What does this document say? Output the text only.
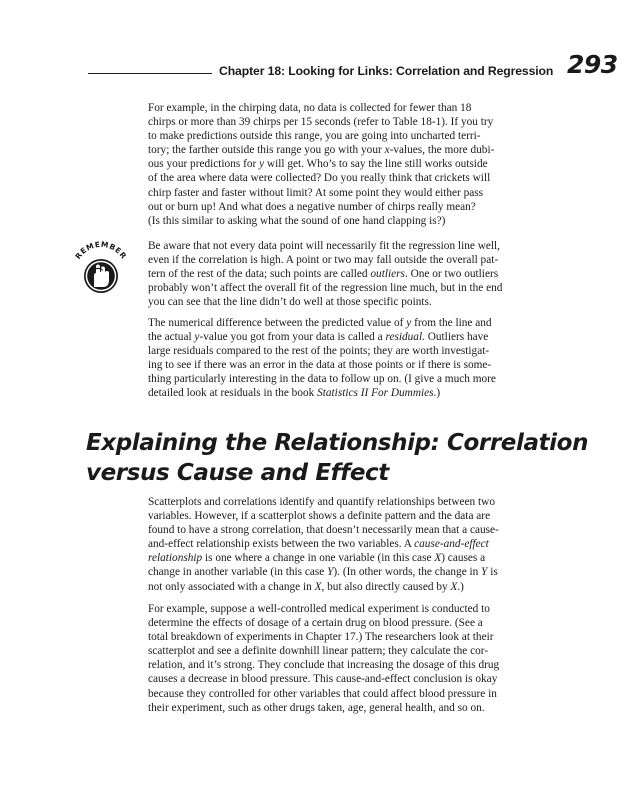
Chapter 18: Looking for Links: Correlation and Regression 293
For example, in the chirping data, no data is collected for fewer than 18
chirps or more than 39 chirps per 15 seconds (refer to Table 18-1). If you try
to make predictions outside this range, you are going into uncharted terri-
tory; the farther outside this range you go with your x-values, the more dubi-
ous your predictions for y will get. Who’s to say the line still works outside
of the area where data were collected? Do you really think that crickets will
chirp faster and faster without limit? At some point they would either pass
out or burn up! And what does a negative number of chirps really mean?
(Is this similar to asking what the sound of one hand clapping is?)
REMEMBER
Be aware that not every data point will necessarily fit the regression line well,
even if the correlation is high. A point or two may fall outside the overall pat-
tern of the rest of the data; such points are called outliers. One or two outliers
probably won’t affect the overall fit of the regression line much, but in the end
you can see that the line didn’t do well at those specific points.
The numerical difference between the predicted value of y from the line and
the actual y-value you got from your data is called a residual. Outliers have
large residuals compared to the rest of the points; they are worth investigat-
ing to see if there was an error in the data at those points or if there is some-
thing particularly interesting in the data to follow up on. (I give a much more
detailed look at residuals in the book Statistics II For Dummies.)
Explaining the Relationship: Correlation
versus Cause and Effect
Scatterplots and correlations identify and quantify relationships between two
variables. However, if a scatterplot shows a definite pattern and the data are
found to have a strong correlation, that doesn’t necessarily mean that a cause-
and-effect relationship exists between the two variables. A cause-and-effect
relationship is one where a change in one variable (in this case X) causes a
change in another variable (in this case Y). (In other words, the change in Y is
not only associated with a change in X, but also directly caused by X.)
For example, suppose a well-controlled medical experiment is conducted to
determine the effects of dosage of a certain drug on blood pressure. (See a
total breakdown of experiments in Chapter 17.) The researchers look at their
scatterplot and see a definite downhill linear pattern; they calculate the cor-
relation, and it’s strong. They conclude that increasing the dosage of this drug
causes a decrease in blood pressure. This cause-and-effect conclusion is okay
because they controlled for other variables that could affect blood pressure in
their experiment, such as other drugs taken, age, general health, and so on.
